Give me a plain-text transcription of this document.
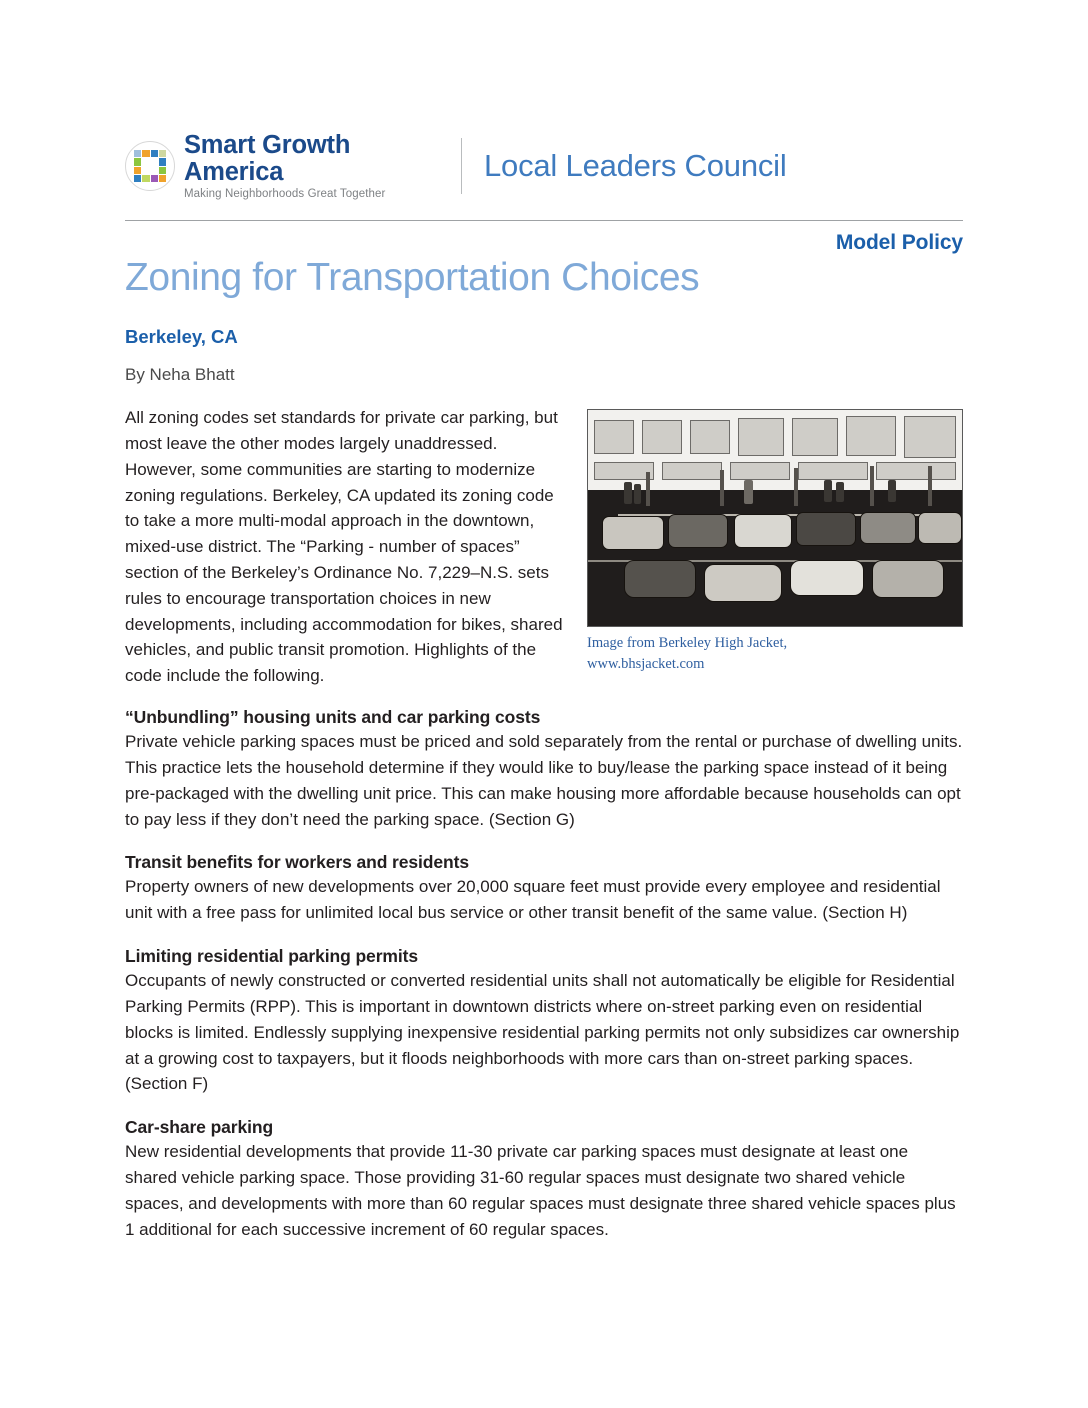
Smart Growth America
Making Neighborhoods Great Together
Local Leaders Council
Model Policy
Zoning for Transportation Choices
Berkeley, CA
By Neha Bhatt
Image from Berkeley High Jacket,
www.bhsjacket.com
All zoning codes set standards for private car parking, but most leave the other modes largely unaddressed. However, some communities are starting to modernize zoning regulations. Berkeley, CA updated its zoning code to take a more multi-modal approach in the downtown, mixed-use district. The “Parking - number of spaces” section of the Berkeley’s Ordinance No. 7,229–N.S. sets rules to encourage transportation choices in new developments, including accommodation for bikes, shared vehicles, and public transit promotion. Highlights of the code include the following.
“Unbundling” housing units and car parking costs

Private vehicle parking spaces must be priced and sold separately from the rental or purchase of dwelling units. This practice lets the household determine if they would like to buy/lease the parking space instead of it being pre-packaged with the dwelling unit price. This can make housing more affordable because households can opt to pay less if they don’t need the parking space. (Section G)

Transit benefits for workers and residents

Property owners of new developments over 20,000 square feet must provide every employee and residential unit with a free pass for unlimited local bus service or other transit benefit of the same value. (Section H)

Limiting residential parking permits

Occupants of newly constructed or converted residential units shall not automatically be eligible for Residential Parking Permits (RPP). This is important in downtown districts where on-street parking even on residential blocks is limited. Endlessly supplying inexpensive residential parking permits not only subsidizes car ownership at a growing cost to taxpayers, but it floods neighborhoods with more cars than on-street parking spaces. (Section F)

Car-share parking

New residential developments that provide 11-30 private car parking spaces must designate at least one shared vehicle parking space. Those providing 31-60 regular spaces must designate two shared vehicle spaces, and developments with more than 60 regular spaces must designate three shared vehicle spaces plus 1 additional for each successive increment of 60 regular spaces.
